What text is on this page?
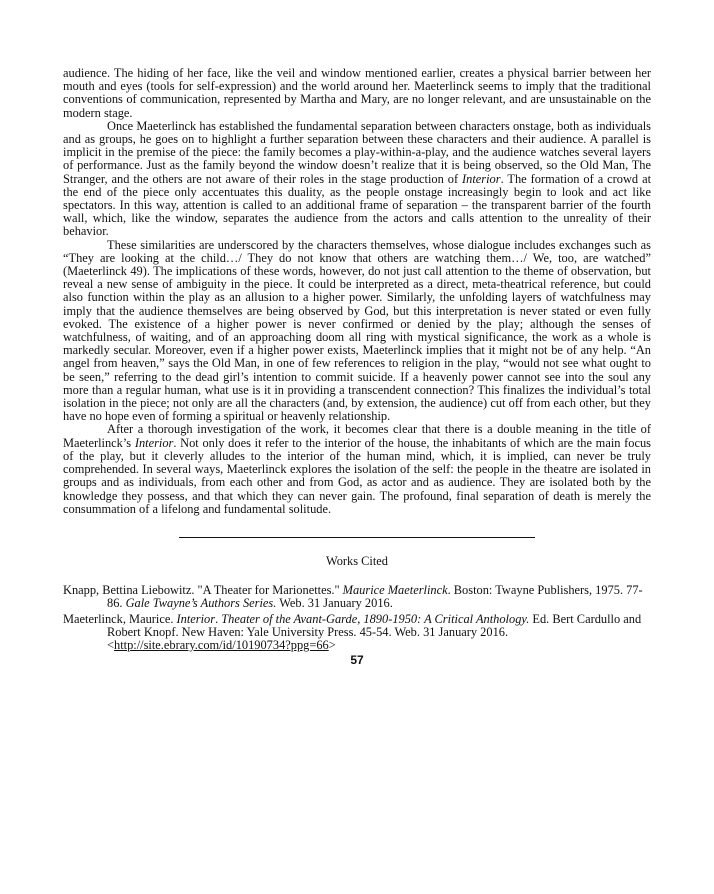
audience. The hiding of her face, like the veil and window mentioned earlier, creates a physical barrier between her mouth and eyes (tools for self-expression) and the world around her. Maeterlinck seems to imply that the traditional conventions of communication, represented by Martha and Mary, are no longer relevant, and are unsustainable on the modern stage.

Once Maeterlinck has established the fundamental separation between characters onstage, both as individuals and as groups, he goes on to highlight a further separation between these characters and their audience. A parallel is implicit in the premise of the piece: the family becomes a play-within-a-play, and the audience watches several layers of performance. Just as the family beyond the window doesn’t realize that it is being observed, so the Old Man, The Stranger, and the others are not aware of their roles in the stage production of Interior. The formation of a crowd at the end of the piece only accentuates this duality, as the people onstage increasingly begin to look and act like spectators. In this way, attention is called to an additional frame of separation – the transparent barrier of the fourth wall, which, like the window, separates the audience from the actors and calls attention to the unreality of their behavior.

These similarities are underscored by the characters themselves, whose dialogue includes exchanges such as “They are looking at the child…/ They do not know that others are watching them…/ We, too, are watched” (Maeterlinck 49). The implications of these words, however, do not just call attention to the theme of observation, but reveal a new sense of ambiguity in the piece. It could be interpreted as a direct, meta-theatrical reference, but could also function within the play as an allusion to a higher power. Similarly, the unfolding layers of watchfulness may imply that the audience themselves are being observed by God, but this interpretation is never stated or even fully evoked. The existence of a higher power is never confirmed or denied by the play; although the senses of watchfulness, of waiting, and of an approaching doom all ring with mystical significance, the work as a whole is markedly secular. Moreover, even if a higher power exists, Maeterlinck implies that it might not be of any help. “An angel from heaven,” says the Old Man, in one of few references to religion in the play, “would not see what ought to be seen,” referring to the dead girl’s intention to commit suicide. If a heavenly power cannot see into the soul any more than a regular human, what use is it in providing a transcendent connection? This finalizes the individual’s total isolation in the piece; not only are all the characters (and, by extension, the audience) cut off from each other, but they have no hope even of forming a spiritual or heavenly relationship.

After a thorough investigation of the work, it becomes clear that there is a double meaning in the title of Maeterlinck’s Interior. Not only does it refer to the interior of the house, the inhabitants of which are the main focus of the play, but it cleverly alludes to the interior of the human mind, which, it is implied, can never be truly comprehended. In several ways, Maeterlinck explores the isolation of the self: the people in the theatre are isolated in groups and as individuals, from each other and from God, as actor and as audience. They are isolated both by the knowledge they possess, and that which they can never gain. The profound, final separation of death is merely the consummation of a lifelong and fundamental solitude.

Works Cited

Knapp, Bettina Liebowitz. "A Theater for Marionettes." Maurice Maeterlinck. Boston: Twayne Publishers, 1975. 77-86. Gale Twayne’s Authors Series. Web. 31 January 2016.

Maeterlinck, Maurice. Interior. Theater of the Avant-Garde, 1890-1950: A Critical Anthology. Ed. Bert Cardullo and Robert Knopf. New Haven: Yale University Press. 45-54. Web. 31 January 2016. <http://site.ebrary.com/id/10190734?ppg=66>

57
